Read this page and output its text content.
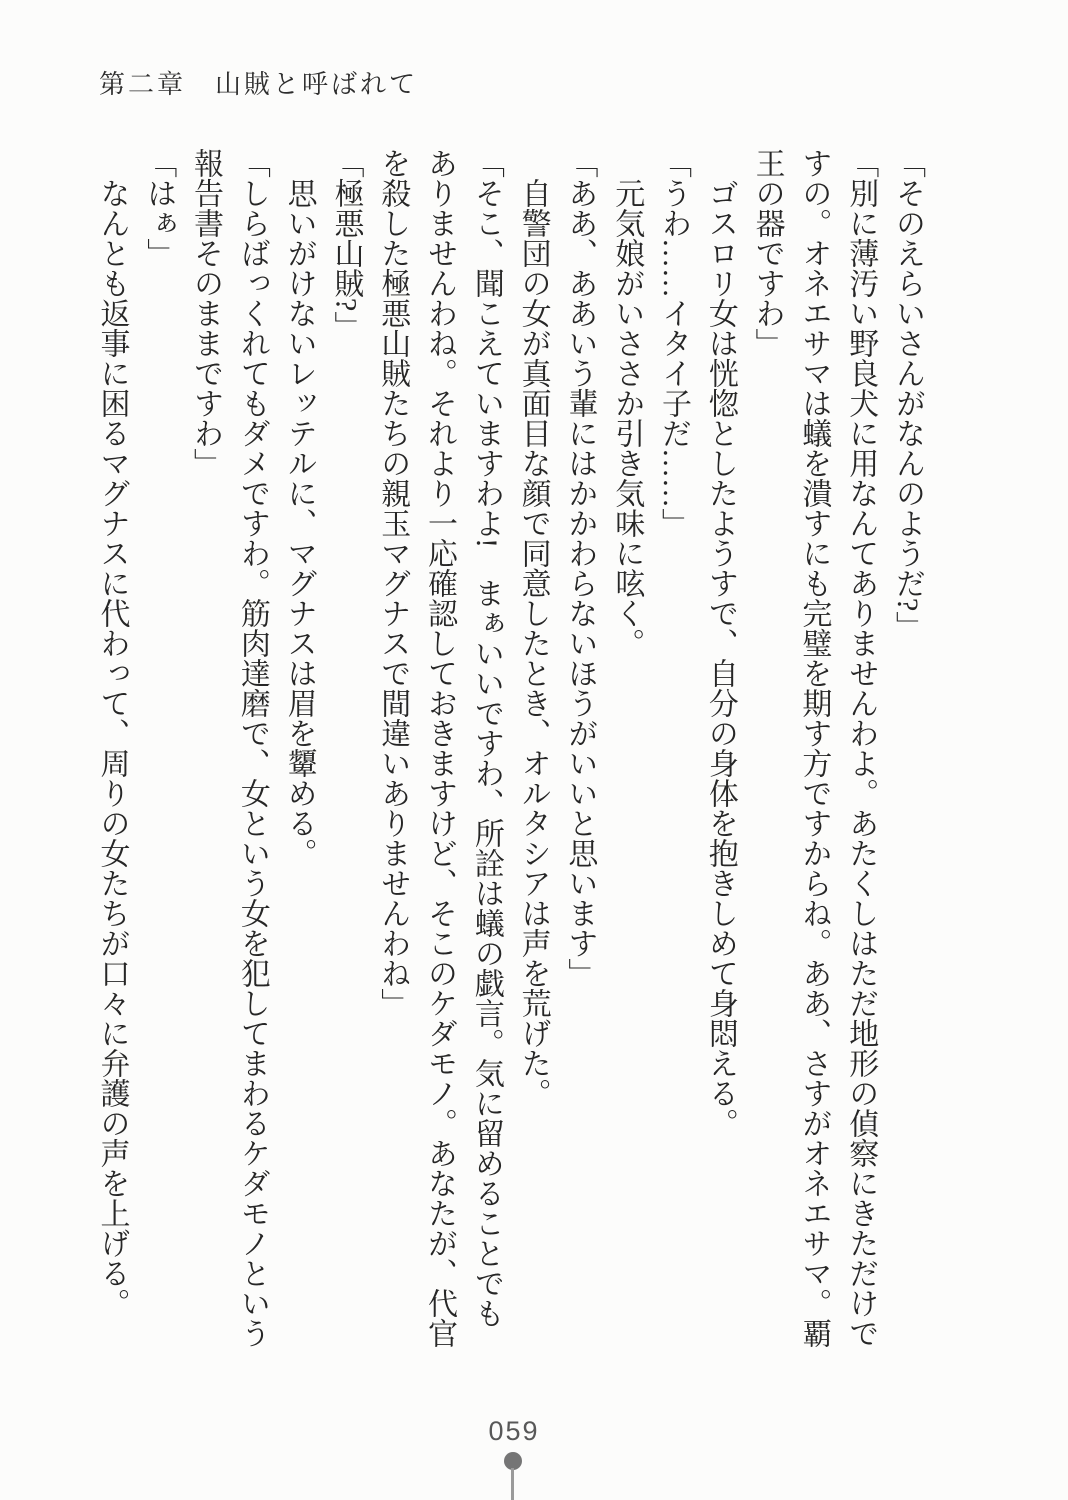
第二章　山賊と呼ばれて

「そのえらいさんがなんのようだ?」

「別に薄汚い野良犬に用なんてありませんわよ。あたくしはただ地形の偵察にきただけで

すの。オネエサマは蟻を潰すにも完璧を期す方ですからね。ああ、さすがオネエサマ。覇

王の器ですわ」

ゴスロリ女は恍惚としたようすで、自分の身体を抱きしめて身悶える。

「うわ……イタイ子だ……」

元気娘がいささか引き気味に呟く。

「ああ、ああいう輩にはかかわらないほうがいいと思います」

自警団の女が真面目な顔で同意したとき、オルタシアは声を荒げた。

「そこ、聞こえていますわよ!　まぁいいですわ、所詮は蟻の戯言。気に留めることでも

ありませんわね。それより一応確認しておきますけど、そこのケダモノ。あなたが、代官

を殺した極悪山賊たちの親玉マグナスで間違いありませんわね」

「極悪山賊?」

思いがけないレッテルに、マグナスは眉を顰める。

「しらばっくれてもダメですわ。筋肉達磨で、女という女を犯してまわるケダモノという

報告書そのままですわ」

「はぁ」

なんとも返事に困るマグナスに代わって、周りの女たちが口々に弁護の声を上げる。

059
